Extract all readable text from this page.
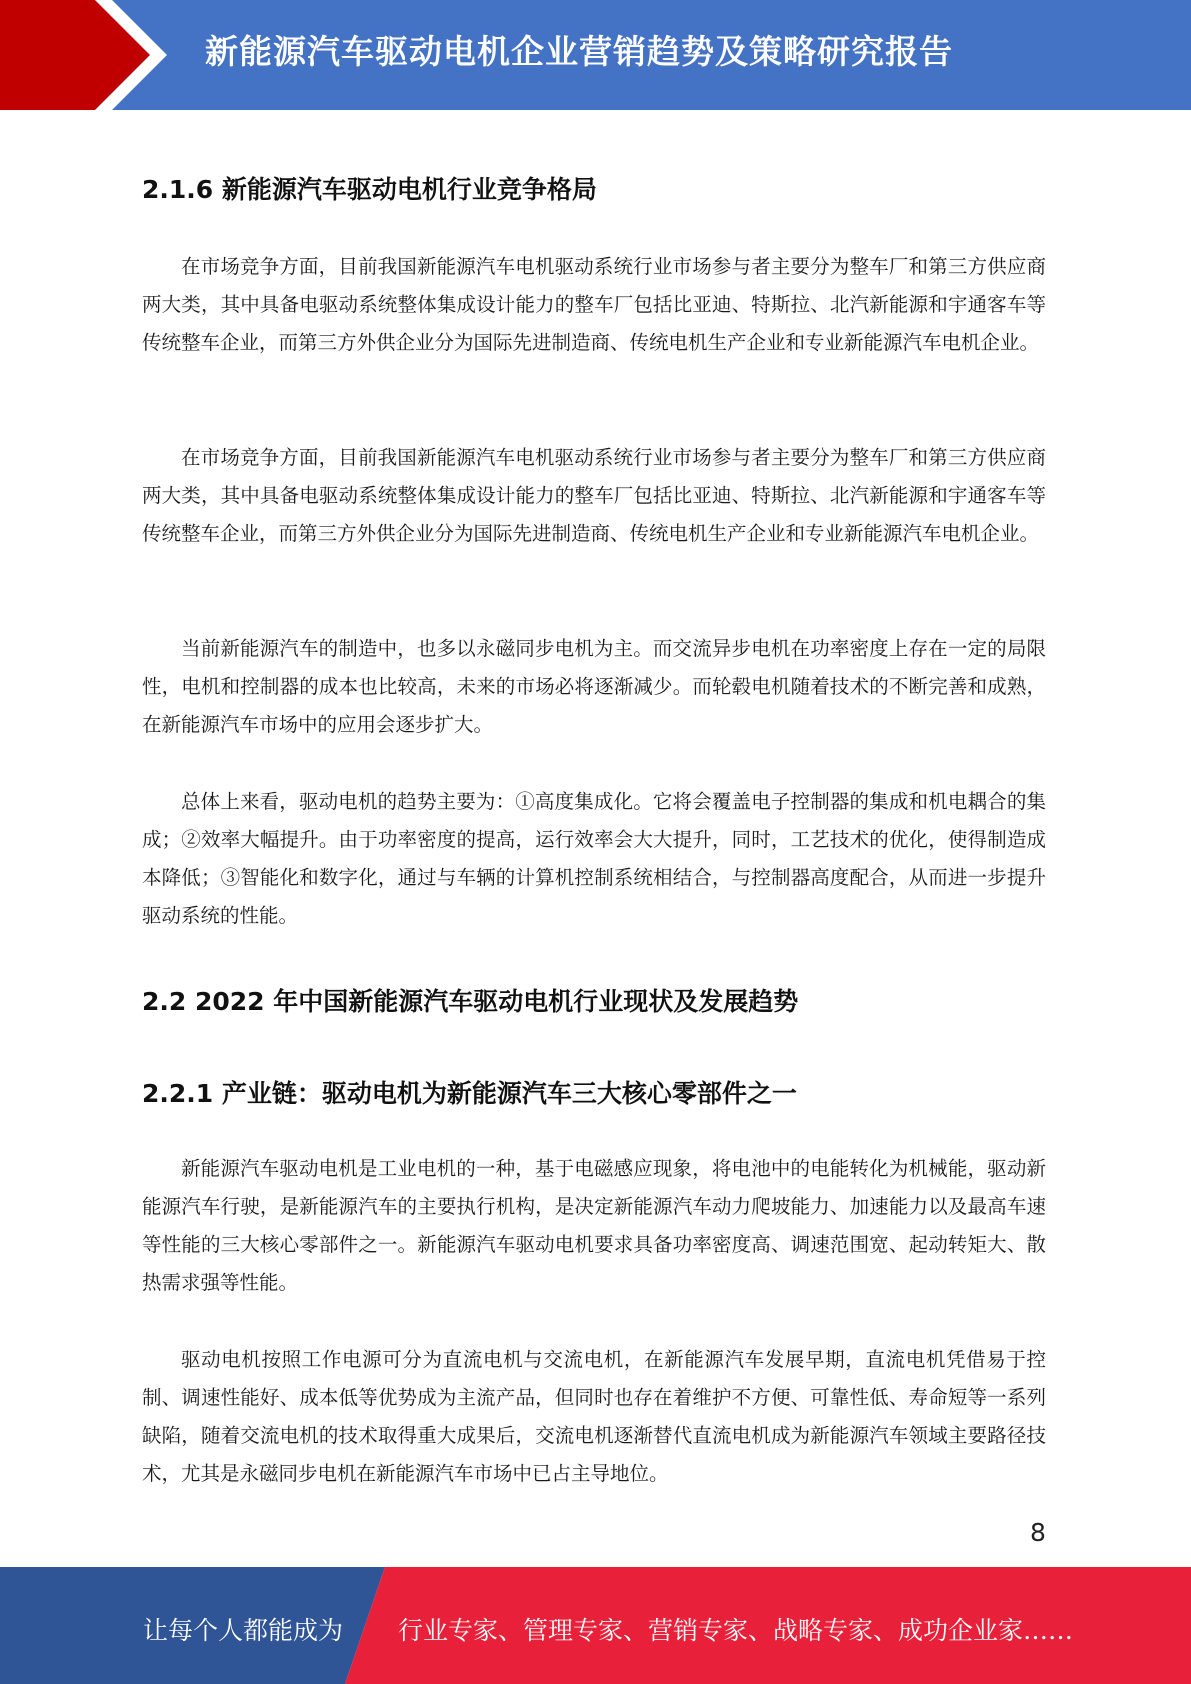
新能源汽车驱动电机企业营销趋势及策略研究报告
2.1.6 新能源汽车驱动电机行业竞争格局

在市场竞争方面，目前我国新能源汽车电机驱动系统行业市场参与者主要分为整车厂和第三方供应商两大类，其中具备电驱动系统整体集成设计能力的整车厂包括比亚迪、特斯拉、北汽新能源和宇通客车等传统整车企业，而第三方外供企业分为国际先进制造商、传统电机生产企业和专业新能源汽车电机企业。

在市场竞争方面，目前我国新能源汽车电机驱动系统行业市场参与者主要分为整车厂和第三方供应商两大类，其中具备电驱动系统整体集成设计能力的整车厂包括比亚迪、特斯拉、北汽新能源和宇通客车等传统整车企业，而第三方外供企业分为国际先进制造商、传统电机生产企业和专业新能源汽车电机企业。

当前新能源汽车的制造中，也多以永磁同步电机为主。而交流异步电机在功率密度上存在一定的局限性，电机和控制器的成本也比较高，未来的市场必将逐渐减少。而轮毂电机随着技术的不断完善和成熟，在新能源汽车市场中的应用会逐步扩大。

总体上来看，驱动电机的趋势主要为：①高度集成化。它将会覆盖电子控制器的集成和机电耦合的集成；②效率大幅提升。由于功率密度的提高，运行效率会大大提升，同时，工艺技术的优化，使得制造成本降低；③智能化和数字化，通过与车辆的计算机控制系统相结合，与控制器高度配合，从而进一步提升驱动系统的性能。

2.2 2022 年中国新能源汽车驱动电机行业现状及发展趋势
2.2.1 产业链：驱动电机为新能源汽车三大核心零部件之一

新能源汽车驱动电机是工业电机的一种，基于电磁感应现象，将电池中的电能转化为机械能，驱动新能源汽车行驶，是新能源汽车的主要执行机构，是决定新能源汽车动力爬坡能力、加速能力以及最高车速等性能的三大核心零部件之一。新能源汽车驱动电机要求具备功率密度高、调速范围宽、起动转矩大、散热需求强等性能。

驱动电机按照工作电源可分为直流电机与交流电机，在新能源汽车发展早期，直流电机凭借易于控制、调速性能好、成本低等优势成为主流产品，但同时也存在着维护不方便、可靠性低、寿命短等一系列缺陷，随着交流电机的技术取得重大成果后，交流电机逐渐替代直流电机成为新能源汽车领域主要路径技术，尤其是永磁同步电机在新能源汽车市场中已占主导地位。

8
让每个人都能成为 行业专家、管理专家、营销专家、战略专家、成功企业家……
